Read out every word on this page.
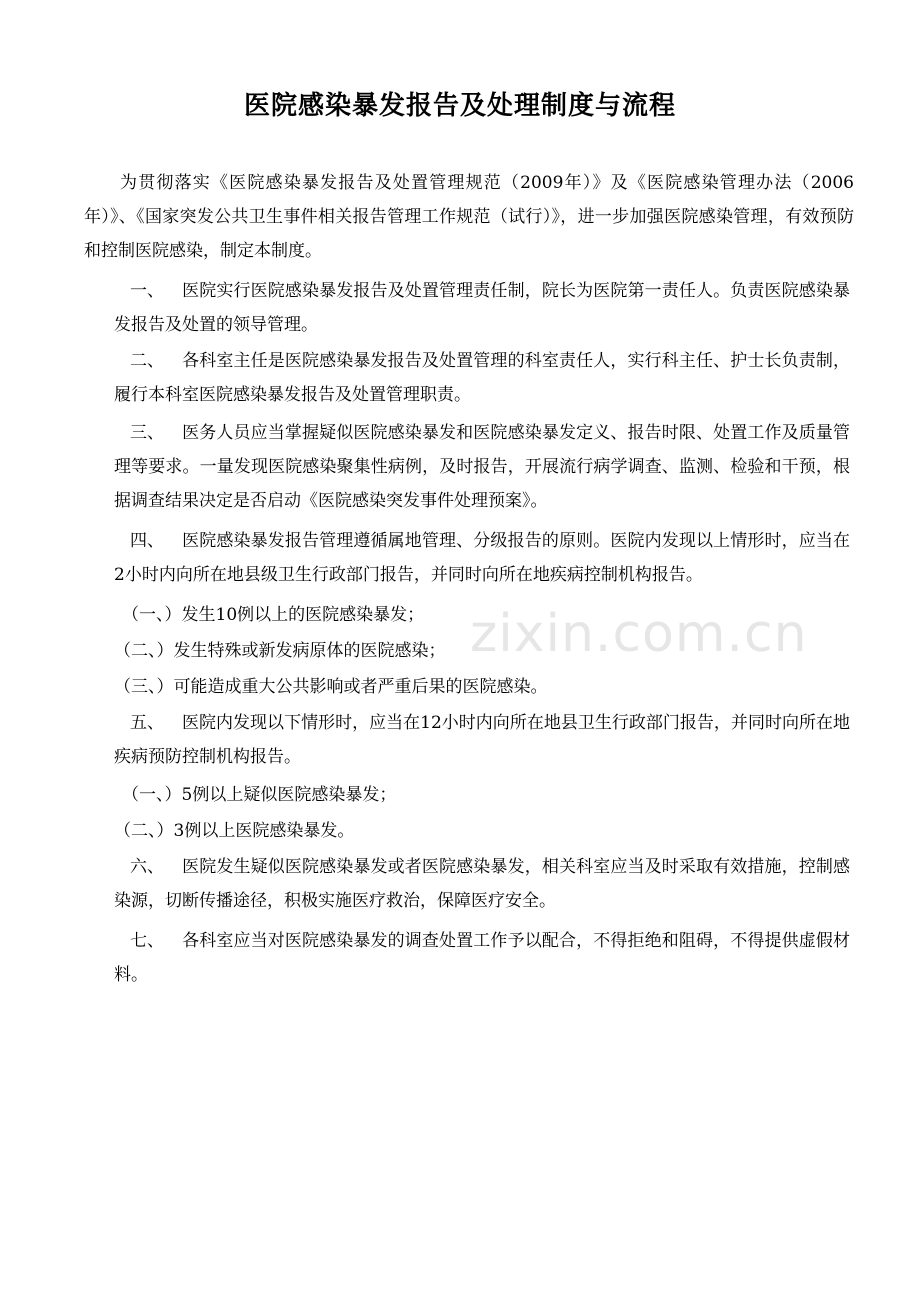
医院感染暴发报告及处理制度与流程
为贯彻落实《医院感染暴发报告及处置管理规范（2009年）》及《医院感染管理办法（2006年）》、《国家突发公共卫生事件相关报告管理工作规范（试行）》，进一步加强医院感染管理，有效预防和控制医院感染，制定本制度。
一、 医院实行医院感染暴发报告及处置管理责任制，院长为医院第一责任人。负责医院感染暴发报告及处置的领导管理。
二、 各科室主任是医院感染暴发报告及处置管理的科室责任人，实行科主任、护士长负责制，履行本科室医院感染暴发报告及处置管理职责。
三、 医务人员应当掌握疑似医院感染暴发和医院感染暴发定义、报告时限、处置工作及质量管理等要求。一量发现医院感染聚集性病例，及时报告，开展流行病学调查、监测、检验和干预，根据调查结果决定是否启动《医院感染突发事件处理预案》。
四、 医院感染暴发报告管理遵循属地管理、分级报告的原则。医院内发现以上情形时，应当在2小时内向所在地县级卫生行政部门报告，并同时向所在地疾病控制机构报告。
（一、）发生10例以上的医院感染暴发；
（二、）发生特殊或新发病原体的医院感染；
（三、）可能造成重大公共影响或者严重后果的医院感染。
五、 医院内发现以下情形时，应当在12小时内向所在地县卫生行政部门报告，并同时向所在地疾病预防控制机构报告。
（一、）5例以上疑似医院感染暴发；
（二、）3例以上医院感染暴发。
六、 医院发生疑似医院感染暴发或者医院感染暴发，相关科室应当及时采取有效措施，控制感染源，切断传播途径，积极实施医疗救治，保障医疗安全。
七、 各科室应当对医院感染暴发的调查处置工作予以配合，不得拒绝和阻碍，不得提供虚假材料。
zixin.com.cn
